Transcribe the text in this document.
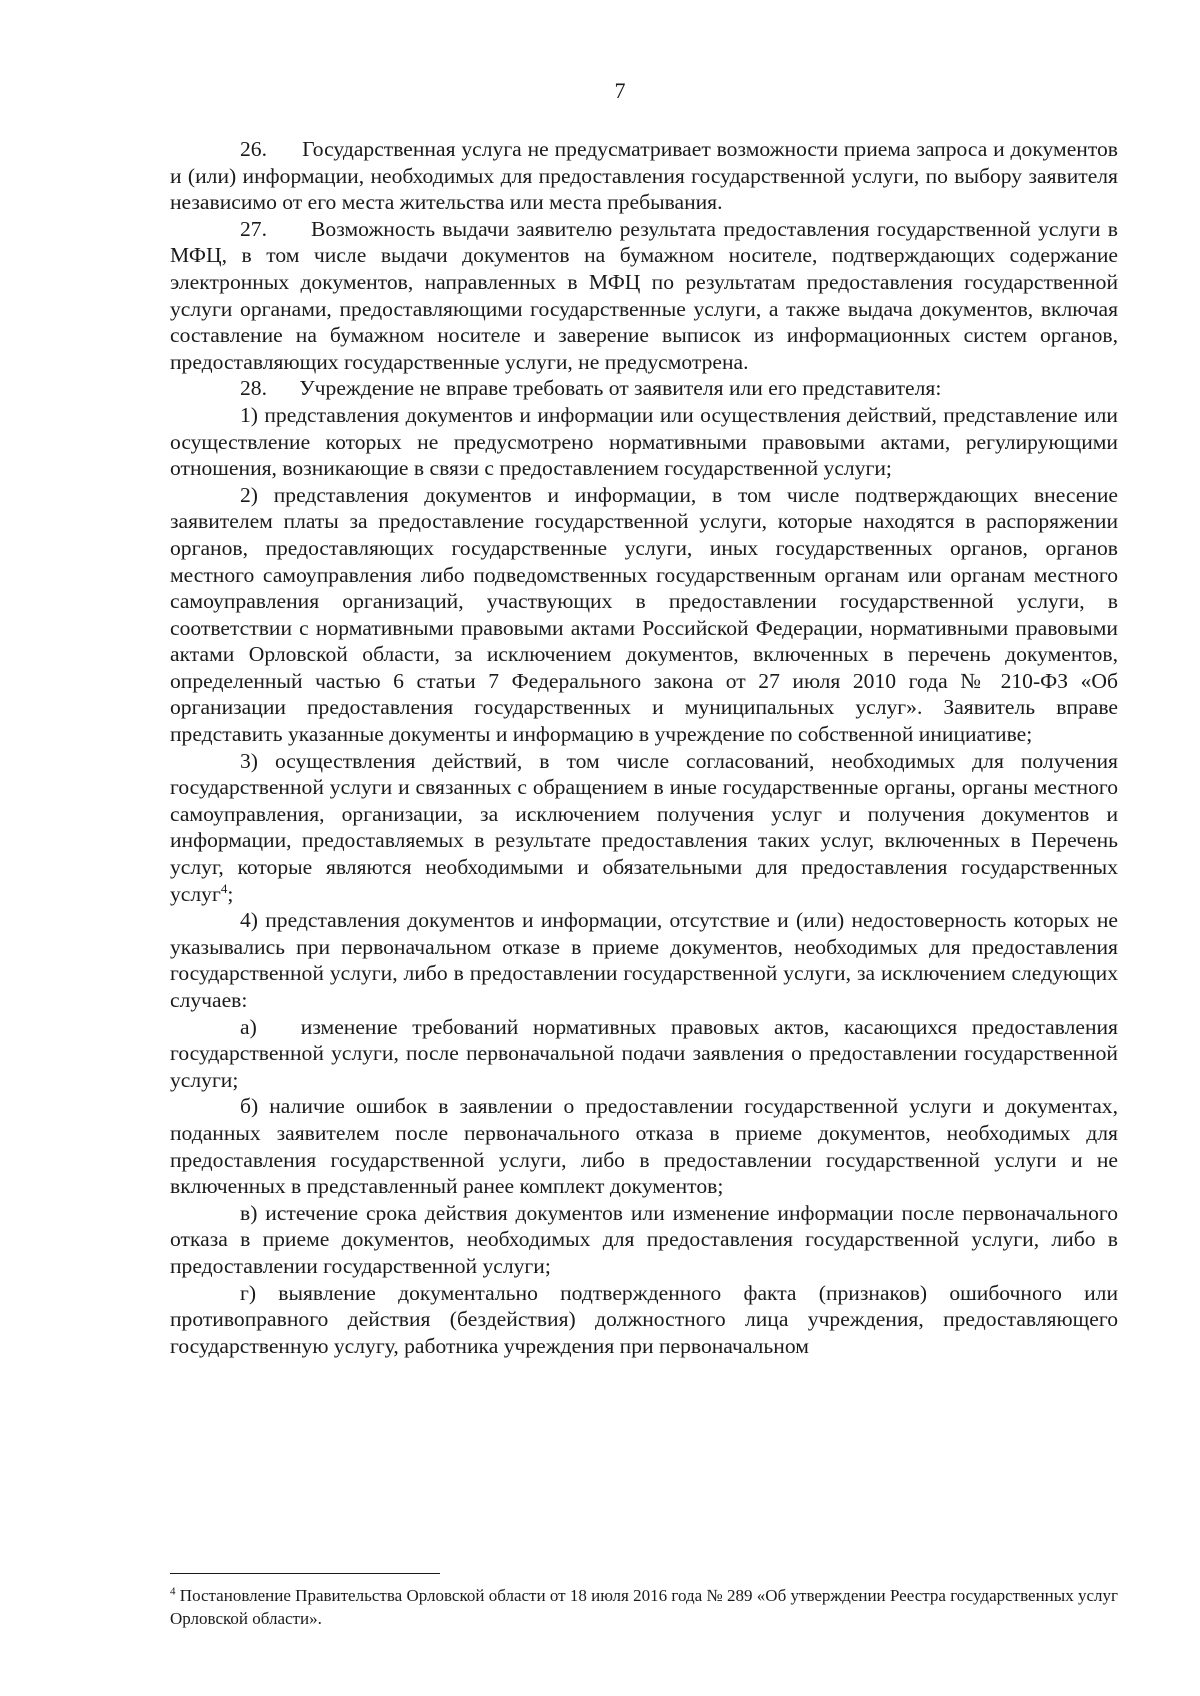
7

26.      Государственная услуга не предусматривает возможности приема запроса и документов и (или) информации, необходимых для предоставления государственной услуги, по выбору заявителя независимо от его места жительства или места пребывания.

27.      Возможность выдачи заявителю результата предоставления государственной услуги в МФЦ, в том числе выдачи документов на бумажном носителе, подтверждающих содержание электронных документов, направленных в МФЦ по результатам предоставления государственной услуги органами, предоставляющими государственные услуги, а также выдача документов, включая составление на бумажном носителе и заверение выписок из информационных систем органов, предоставляющих государственные услуги, не предусмотрена.

28.      Учреждение не вправе требовать от заявителя или его представителя:

1) представления документов и информации или осуществления действий, представление или осуществление которых не предусмотрено нормативными правовыми актами, регулирующими отношения, возникающие в связи с предоставлением государственной услуги;

2) представления документов и информации, в том числе подтверждающих внесение заявителем платы за предоставление государственной услуги, которые находятся в распоряжении органов, предоставляющих государственные услуги, иных государственных органов, органов местного самоуправления либо подведомственных государственным органам или органам местного самоуправления организаций, участвующих в предоставлении государственной услуги, в соответствии с нормативными правовыми актами Российской Федерации, нормативными правовыми актами Орловской области, за исключением документов, включенных в перечень документов, определенный частью 6 статьи 7 Федерального закона от 27 июля 2010 года № 210-ФЗ «Об организации предоставления государственных и муниципальных услуг». Заявитель вправе представить указанные документы и информацию в учреждение по собственной инициативе;

3) осуществления действий, в том числе согласований, необходимых для получения государственной услуги и связанных с обращением в иные государственные органы, органы местного самоуправления, организации, за исключением получения услуг и получения документов и информации, предоставляемых в результате предоставления таких услуг, включенных в Перечень услуг, которые являются необходимыми и обязательными для предоставления государственных услуг$^4$;

4) представления документов и информации, отсутствие и (или) недостоверность которых не указывались при первоначальном отказе в приеме документов, необходимых для предоставления государственной услуги, либо в предоставлении государственной услуги, за исключением следующих случаев:

а)   изменение требований нормативных правовых актов, касающихся предоставления государственной услуги, после первоначальной подачи заявления о предоставлении государственной услуги;

б) наличие ошибок в заявлении о предоставлении государственной услуги и документах, поданных заявителем после первоначального отказа в приеме документов, необходимых для предоставления государственной услуги, либо в предоставлении государственной услуги и не включенных в представленный ранее комплект документов;

в) истечение срока действия документов или изменение информации после первоначального отказа в приеме документов, необходимых для предоставления государственной услуги, либо в предоставлении государственной услуги;

г) выявление документально подтвержденного факта (признаков) ошибочного или противоправного действия (бездействия) должностного лица учреждения, предоставляющего государственную услугу, работника учреждения при первоначальном

$^4$ Постановление Правительства Орловской области от 18 июля 2016 года № 289 «Об утверждении Реестра государственных услуг Орловской области».
